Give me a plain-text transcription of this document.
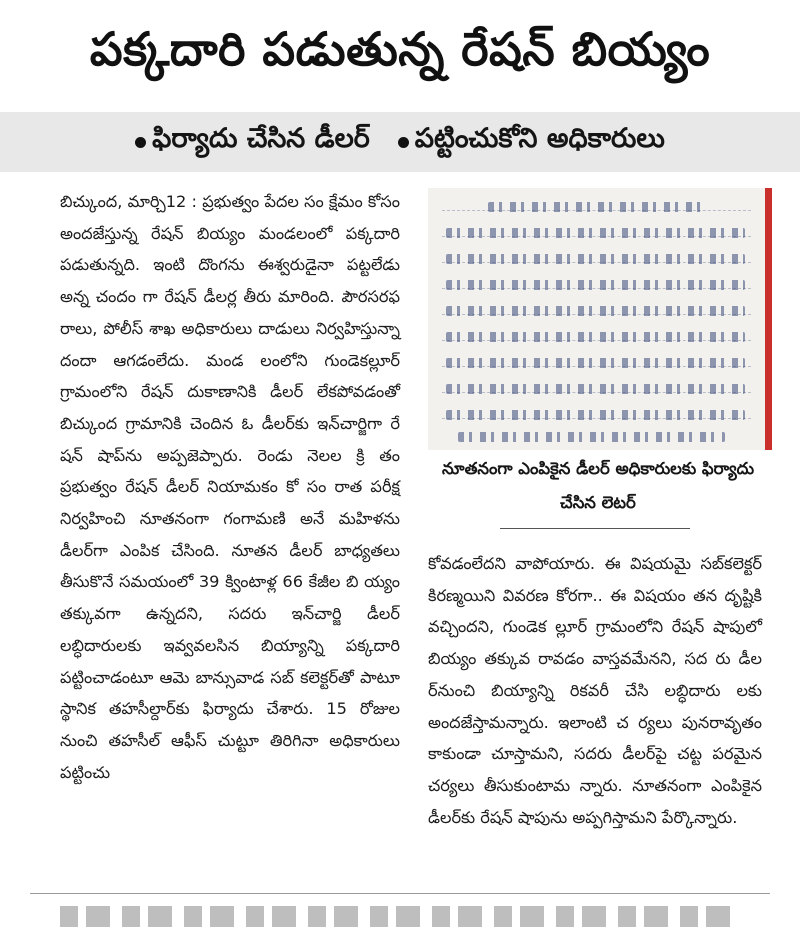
పక్కదారి పడుతున్న రేషన్ బియ్యం
ఫిర్యాదు చేసిన డీలర్ పట్టించుకోని అధికారులు

బిచ్కుంద, మార్చి12 : ప్రభుత్వం పేదల సం క్షేమం కోసం అందజేస్తున్న రేషన్ బియ్యం మండలంలో పక్కదారి పడుతున్నది. ఇంటి దొంగను ఈశ్వరుడైనా పట్టలేడు అన్న చందం గా రేషన్ డీలర్ల తీరు మారింది. పౌరసరఫ రాలు, పోలీస్ శాఖ అధికారులు దాడులు నిర్వహిస్తున్నా దందా ఆగడంలేదు. మండ లంలోని గుండెకల్లూర్ గ్రామంలోని రేషన్ దుకాణానికి డీలర్ లేకపోవడంతో బిచ్కుంద గ్రామానికి చెందిన ఓ డీలర్‌కు ఇన్‌చార్జిగా రే షన్ షాప్‌ను అప్పజెప్పారు. రెండు నెలల క్రి తం ప్రభుత్వం రేషన్ డీలర్ నియామకం కో సం రాత పరీక్ష నిర్వహించి నూతనంగా గంగామణి అనే మహిళను డీలర్‌గా ఎంపిక చేసింది. నూతన డీలర్ బాధ్యతలు తీసుకొనే సమయంలో 39 క్వింటాళ్ల 66 కేజీల బి య్యం తక్కువగా ఉన్నదని, సదరు ఇన్‌చార్జి డీలర్ లబ్ధిదారులకు ఇవ్వవలసిన బియ్యాన్ని పక్కదారి పట్టించాడంటూ ఆమె బాన్సువాడ సబ్ కలెక్టర్‌తో పాటూ స్థానిక తహసీల్దార్‌కు ఫిర్యాదు చేశారు. 15 రోజుల నుంచి తహసీల్ ఆఫీస్ చుట్టూ తిరిగినా అధికారులు పట్టించు

నూతనంగా ఎంపికైన డీలర్ అధికారులకు ఫిర్యాదు చేసిన లెటర్

కోవడంలేదని వాపోయారు. ఈ విషయమై సబ్‌కలెక్టర్ కిరణ్మయిని వివరణ కోరగా.. ఈ విషయం తన దృష్టికి వచ్చిందని, గుండెక ల్లూర్ గ్రామంలోని రేషన్ షాపులో బియ్యం తక్కువ రావడం వాస్తవమేనని, సద రు డీల ర్‌నుంచి బియ్యాన్ని రికవరీ చేసి లబ్ధిదారు లకు అందజేస్తామన్నారు. ఇలాంటి చ ర్యలు పునరావృతం కాకుండా చూస్తామని, సదరు డీలర్‌పై చట్ట పరమైన చర్యలు తీసుకుంటామ న్నారు. నూతనంగా ఎంపికైన డీలర్‌కు రేషన్ షాపును అప్పగిస్తామని పేర్కొన్నారు.
